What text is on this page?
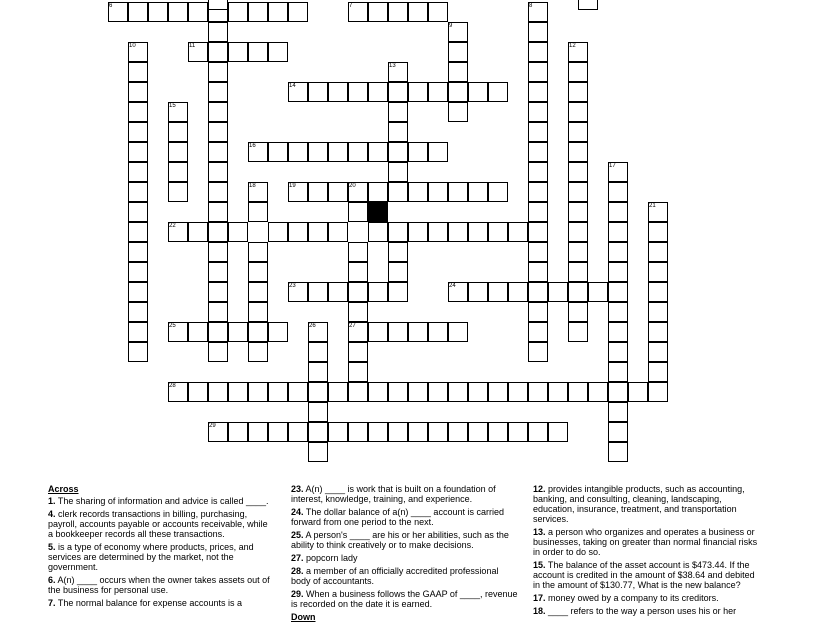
6	7	8
9
10	11	12
13
14
15
16
17
18	19	20
21
22
23	24
25	26	27
28
29
Across
1. The sharing of information and advice is called ____.
4. clerk records transactions in billing, purchasing, payroll, accounts payable or accounts receivable, while a bookkeeper records all these transactions.
5. is a type of economy where products, prices, and services are determined by the market, not the government.
6. A(n) ____ occurs when the owner takes assets out of the business for personal use.
7. The normal balance for expense accounts is a
23. A(n) ____ is work that is built on a foundation of interest, knowledge, training, and experience.
24. The dollar balance of a(n) ____ account is carried forward from one period to the next.
25. A person's ____ are his or her abilities, such as the ability to think creatively or to make decisions.
27. popcorn lady
28. a member of an officially accredited professional body of accountants.
29. When a business follows the GAAP of ____, revenue is recorded on the date it is earned.
Down
12. provides intangible products, such as accounting, banking, and consulting, cleaning, landscaping, education, insurance, treatment, and transportation services.
13. a person who organizes and operates a business or businesses, taking on greater than normal financial risks in order to do so.
15. The balance of the asset account is $473.44. If the account is credited in the amount of $38.64 and debited in the amount of $130.77, What is the new balance?
17. money owed by a company to its creditors.
18. ____ refers to the way a person uses his or her
